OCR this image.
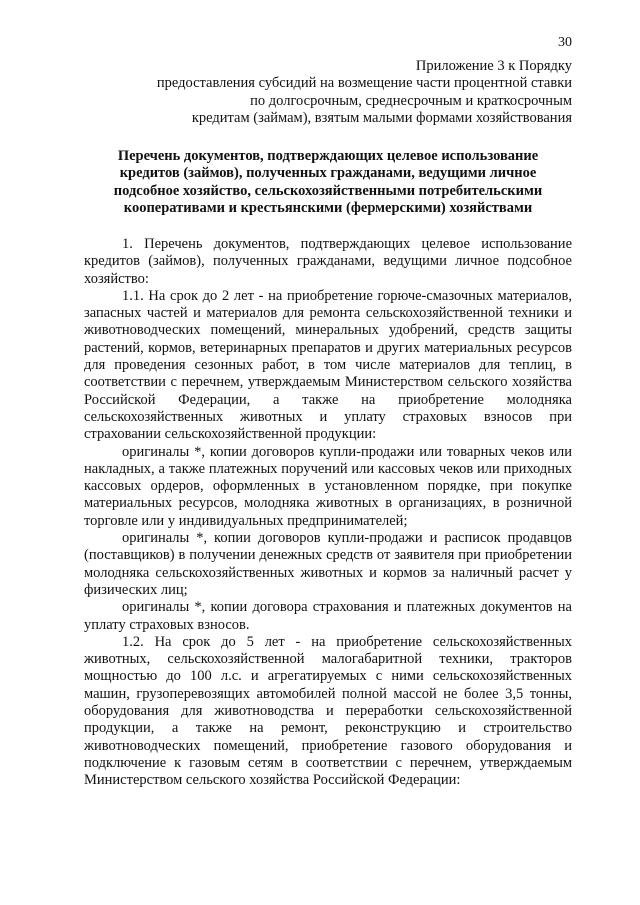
30
Приложение 3 к Порядку
предоставления субсидий на возмещение части процентной ставки
по долгосрочным, среднесрочным и краткосрочным
кредитам (займам), взятым малыми формами хозяйствования
Перечень документов, подтверждающих целевое использование
кредитов (займов), полученных гражданами, ведущими личное
подсобное хозяйство, сельскохозяйственными потребительскими
кооперативами и крестьянскими (фермерскими) хозяйствами

1. Перечень документов, подтверждающих целевое использование кредитов (займов), полученных гражданами, ведущими личное подсобное хозяйство:

1.1. На срок до 2 лет - на приобретение горюче-смазочных материалов, запасных частей и материалов для ремонта сельскохозяйственной техники и животноводческих помещений, минеральных удобрений, средств защиты растений, кормов, ветеринарных препаратов и других материальных ресурсов для проведения сезонных работ, в том числе материалов для теплиц, в соответствии с перечнем, утверждаемым Министерством сельского хозяйства Российской Федерации, а также на приобретение молодняка сельскохозяйственных животных и уплату страховых взносов при страховании сельскохозяйственной продукции:

оригиналы *, копии договоров купли-продажи или товарных чеков или накладных, а также платежных поручений или кассовых чеков или приходных кассовых ордеров, оформленных в установленном порядке, при покупке материальных ресурсов, молодняка животных в организациях, в розничной торговле или у индивидуальных предпринимателей;

оригиналы *, копии договоров купли-продажи и расписок продавцов (поставщиков) в получении денежных средств от заявителя при приобретении молодняка сельскохозяйственных животных и кормов за наличный расчет у физических лиц;

оригиналы *, копии договора страхования и платежных документов на уплату страховых взносов.

1.2. На срок до 5 лет - на приобретение сельскохозяйственных животных, сельскохозяйственной малогабаритной техники, тракторов мощностью до 100 л.с. и агрегатируемых с ними сельскохозяйственных машин, грузоперевозящих автомобилей полной массой не более 3,5 тонны, оборудования для животноводства и переработки сельскохозяйственной продукции, а также на ремонт, реконструкцию и строительство животноводческих помещений, приобретение газового оборудования и подключение к газовым сетям в соответствии с перечнем, утверждаемым Министерством сельского хозяйства Российской Федерации:
